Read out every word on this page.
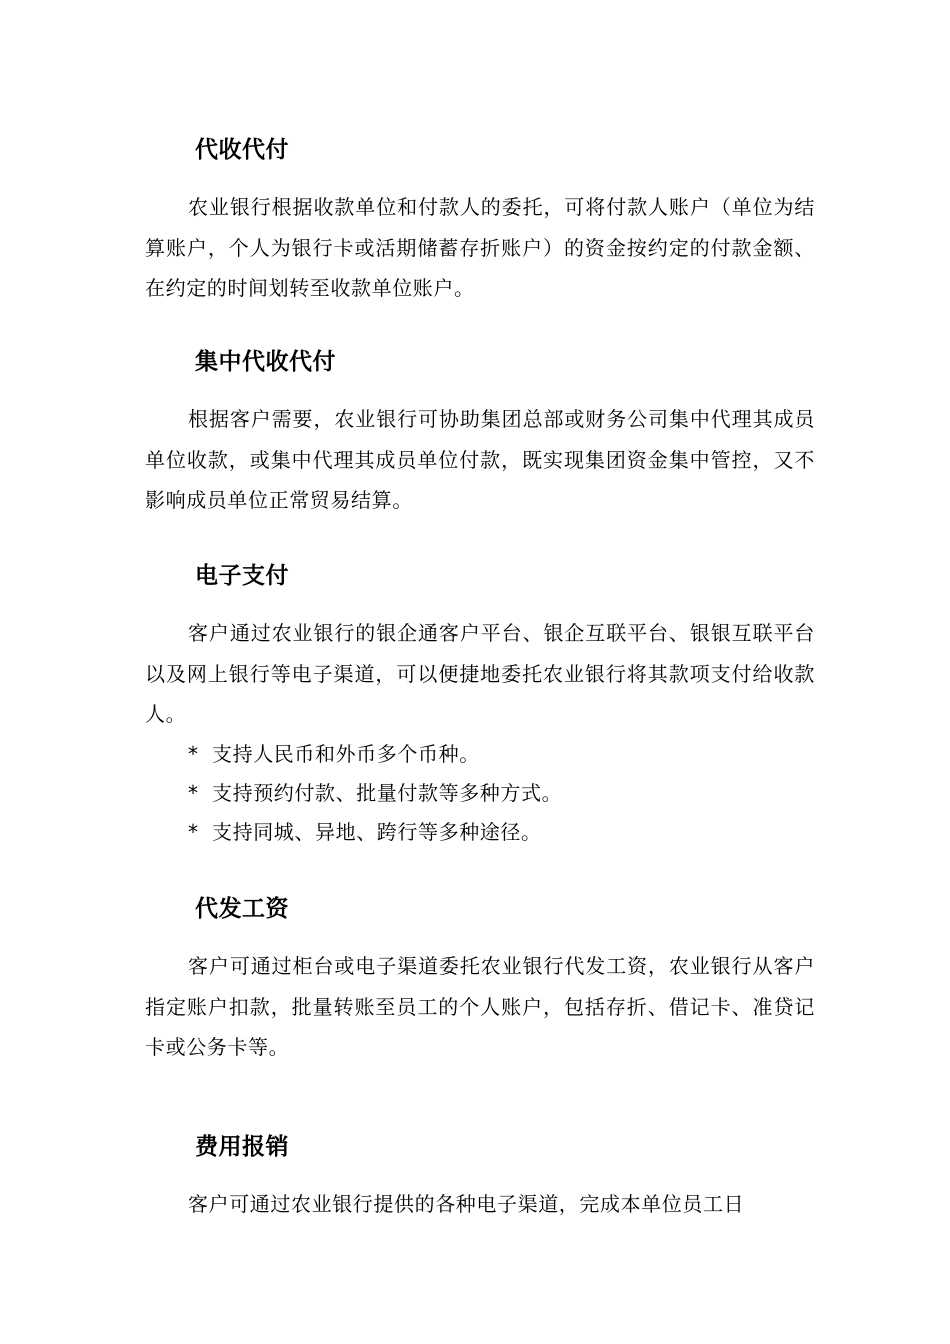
代收代付

农业银行根据收款单位和付款人的委托，可将付款人账户（单位为结算账户，个人为银行卡或活期储蓄存折账户）的资金按约定的付款金额、在约定的时间划转至收款单位账户。

集中代收代付

根据客户需要，农业银行可协助集团总部或财务公司集中代理其成员单位收款，或集中代理其成员单位付款，既实现集团资金集中管控，又不影响成员单位正常贸易结算。

电子支付

客户通过农业银行的银企通客户平台、银企互联平台、银银互联平台以及网上银行等电子渠道，可以便捷地委托农业银行将其款项支付给收款人。

* 支持人民币和外币多个币种。
* 支持预约付款、批量付款等多种方式。
* 支持同城、异地、跨行等多种途径。
代发工资

客户可通过柜台或电子渠道委托农业银行代发工资，农业银行从客户指定账户扣款，批量转账至员工的个人账户，包括存折、借记卡、准贷记卡或公务卡等。

费用报销

客户可通过农业银行提供的各种电子渠道，完成本单位员工日
